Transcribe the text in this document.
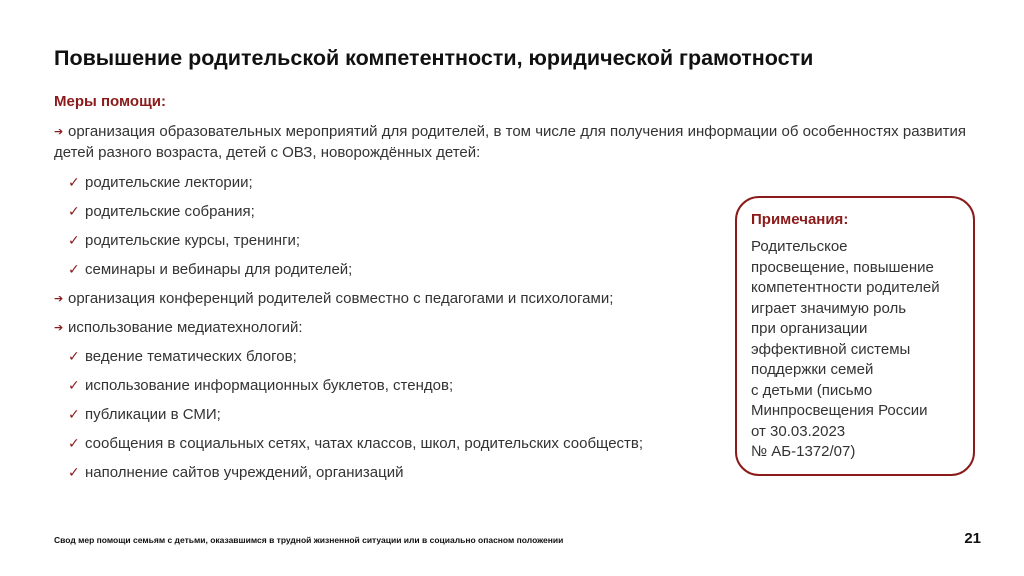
Повышение родительской компетентности, юридической грамотности
Меры помощи:

➔ организация образовательных мероприятий для родителей, в том числе для получения информации об особенностях развития детей разного возраста, детей с ОВЗ, новорождённых детей:

✓ родительские лектории;
✓ родительские собрания;
✓ родительские курсы, тренинги;
✓ семинары и вебинары для родителей;

➔ организация конференций родителей совместно с педагогами и психологами;

➔ использование медиатехнологий:

✓ ведение тематических блогов;
✓ использование информационных буклетов, стендов;
✓ публикации в СМИ;
✓ сообщения в социальных сетях, чатах классов, школ, родительских сообществ;
✓ наполнение сайтов учреждений, организаций
Примечания:
Родительское
просвещение, повышение
компетентности родителей
играет значимую роль
при организации
эффективной системы
поддержки семей
с детьми (письмо
Минпросвещения России
от 30.03.2023
№ АБ-1372/07)
Свод мер помощи семьям с детьми, оказавшимся в трудной жизненной ситуации или в социально опасном положении	21
